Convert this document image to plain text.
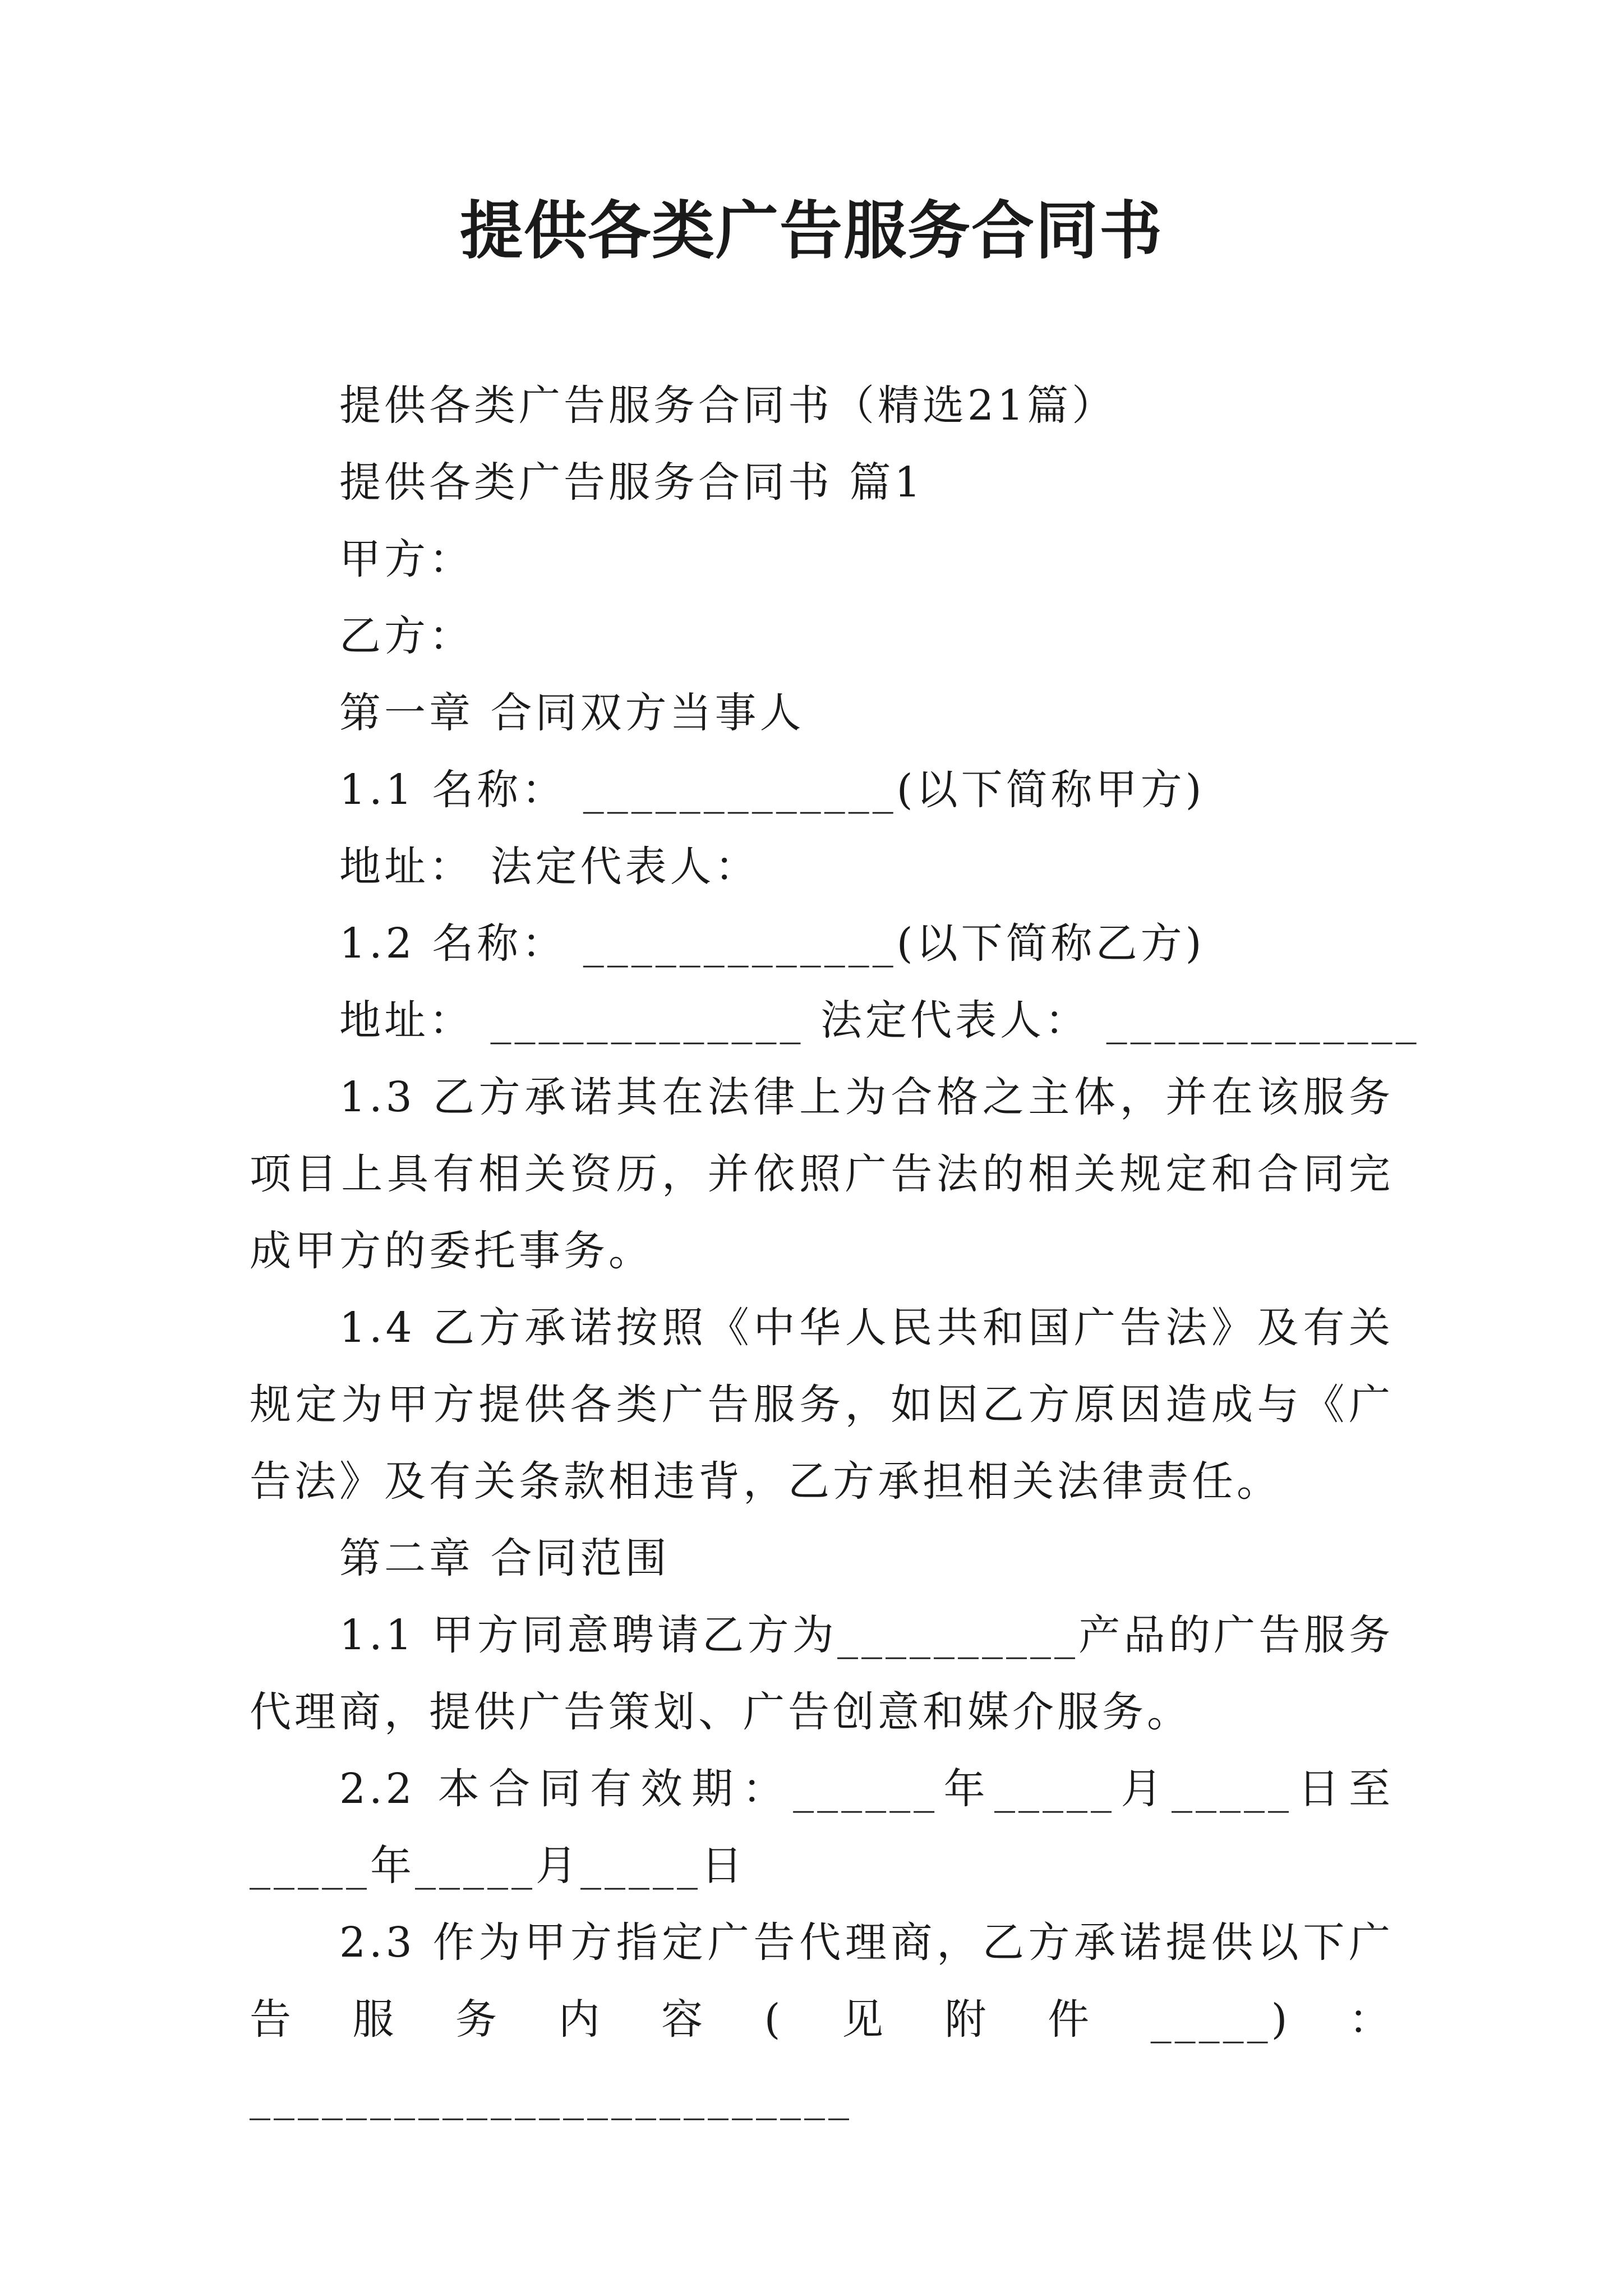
提供各类广告服务合同书
提供各类广告服务合同书（精选21篇）
提供各类广告服务合同书 篇1
甲方：
乙方：
第一章 合同双方当事人
1.1 名称： _____________(以下简称甲方)
地址： 法定代表人：
1.2 名称： _____________(以下简称乙方)
地址： _____________ 法定代表人： _____________
1.3 乙方承诺其在法律上为合格之主体，并在该服务项目上具有相关资历，并依照广告法的相关规定和合同完成甲方的委托事务。
1.4 乙方承诺按照《中华人民共和国广告法》及有关规定为甲方提供各类广告服务，如因乙方原因造成与《广告法》及有关条款相违背，乙方承担相关法律责任。
第二章 合同范围
1.1 甲方同意聘请乙方为__________产品的广告服务代理商，提供广告策划、广告创意和媒介服务。
2.2 本合同有效期：______年_____月_____日至_____年_____月_____日
2.3 作为甲方指定广告代理商，乙方承诺提供以下广告服务内容(见附件_____)：_________________________
